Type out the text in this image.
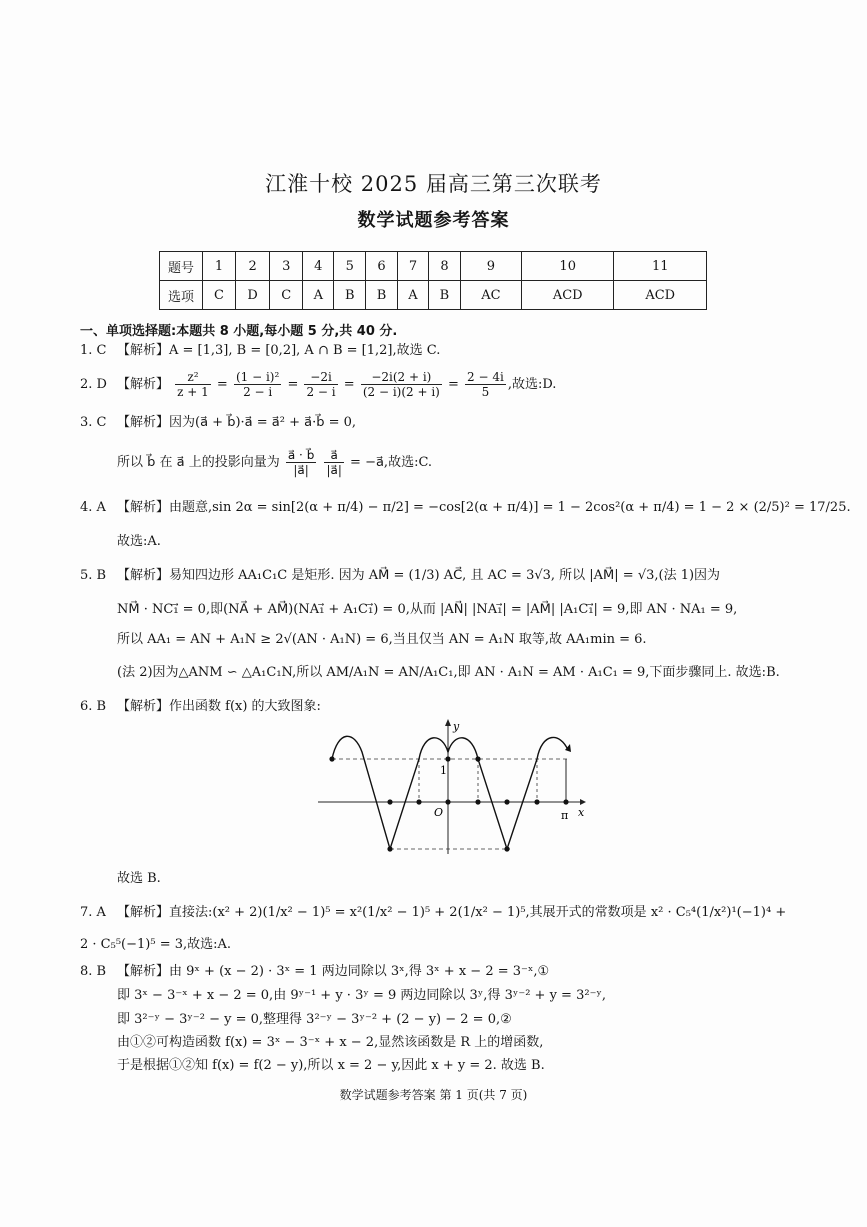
江淮十校 2025 届高三第三次联考
数学试题参考答案
题号	1	2	3	4	5	6	7	8	9	10	11
选项	C	D	C	A	B	B	A	B	AC	ACD	ACD
一、单项选择题:本题共 8 小题,每小题 5 分,共 40 分.
1. C 【解析】A = [1,3], B = [0,2], A ∩ B = [1,2],故选 C.
2. D 【解析】 $\frac{\text{z²}}{z + 1} = \frac{\text{(1 − i)²}}{2 - i} = \frac{-2i}{2 - i} = \frac{-2i(2 + i)}{(2 - i)(2 + i)} = \frac{2 - 4i}{5}$ ,故选:D.
3. C 【解析】因为(a⃗ + b⃗)·a⃗ = a⃗² + a⃗·b⃗ = 0,
所以 b⃗ 在 a⃗ 上的投影向量为 $\frac{a⃗ \cdot b⃗}{|a⃗|}$
$\frac{a⃗}{|a⃗|}$ = −a⃗,故选:C.
4. A 【解析】由题意,sin 2α = sin[2(α + π/4) − π/2] = −cos[2(α + π/4)] = 1 − 2cos²(α + π/4) = 1 − 2 × (2/5)² = 17/25.
故选:A.
5. B 【解析】易知四边形 AA₁C₁C 是矩形. 因为 AM⃗ = (1/3) AC⃗, 且 AC = 3√3, 所以 |AM⃗| = √3,(法 1)因为
NM⃗ · NC₁⃗ = 0,即(NA⃗ + AM⃗)(NA₁⃗ + A₁C₁⃗) = 0,从而 |AN⃗| |NA₁⃗| = |AM⃗| |A₁C₁⃗| = 9,即 AN · NA₁ = 9,
所以 AA₁ = AN + A₁N ≥ 2√(AN · A₁N) = 6,当且仅当 AN = A₁N 取等,故 AA₁min = 6.
(法 2)因为△ANM ∽ △A₁C₁N,所以 AM/A₁N = AN/A₁C₁,即 AN · A₁N = AM · A₁C₁ = 9,下面步骤同上. 故选:B.
6. B 【解析】作出函数 f(x) 的大致图象:
y
x
O
1
π
故选 B.
7. A 【解析】直接法:(x² + 2)(1/x² − 1)⁵ = x²(1/x² − 1)⁵ + 2(1/x² − 1)⁵,其展开式的常数项是 x² · C₅⁴(1/x²)¹(−1)⁴ +
2 · C₅⁵(−1)⁵ = 3,故选:A.
8. B 【解析】由 9ˣ + (x − 2) · 3ˣ = 1 两边同除以 3ˣ,得 3ˣ + x − 2 = 3⁻ˣ,①
即 3ˣ − 3⁻ˣ + x − 2 = 0,由 9ʸ⁻¹ + y · 3ʸ = 9 两边同除以 3ʸ,得 3ʸ⁻² + y = 3²⁻ʸ,
即 3²⁻ʸ − 3ʸ⁻² − y = 0,整理得 3²⁻ʸ − 3ʸ⁻² + (2 − y) − 2 = 0,②
由①②可构造函数 f(x) = 3ˣ − 3⁻ˣ + x − 2,显然该函数是 R 上的增函数,
于是根据①②知 f(x) = f(2 − y),所以 x = 2 − y,因此 x + y = 2. 故选 B.
数学试题参考答案 第 1 页(共 7 页)
